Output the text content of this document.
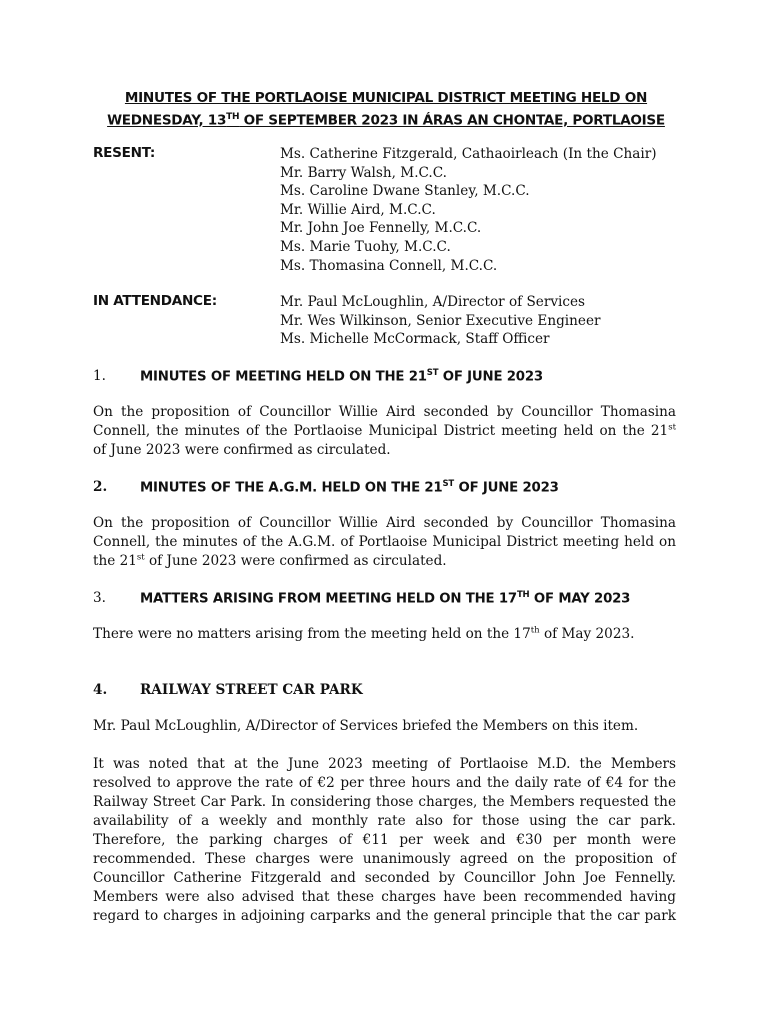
MINUTES OF THE PORTLAOISE MUNICIPAL DISTRICT MEETING HELD ON
WEDNESDAY, 13TH OF SEPTEMBER 2023 IN ÁRAS AN CHONTAE, PORTLAOISE
RESENT:	Ms. Catherine Fitzgerald, Cathaoirleach (In the Chair)
Mr. Barry Walsh, M.C.C.
Ms. Caroline Dwane Stanley, M.C.C.
Mr. Willie Aird, M.C.C.
Mr. John Joe Fennelly, M.C.C.
Ms. Marie Tuohy, M.C.C.
Ms. Thomasina Connell, M.C.C.
IN ATTENDANCE:	Mr. Paul McLoughlin, A/Director of Services
Mr. Wes Wilkinson, Senior Executive Engineer
Ms. Michelle McCormack, Staff Officer
1.	MINUTES OF MEETING HELD ON THE 21ST OF JUNE 2023
On the proposition of Councillor Willie Aird seconded by Councillor Thomasina
Connell, the minutes of the Portlaoise Municipal District meeting held on the 21st
of June 2023 were confirmed as circulated.
2. MINUTES OF THE A.G.M. HELD ON THE 21ST OF JUNE 2023
On the proposition of Councillor Willie Aird seconded by Councillor Thomasina
Connell, the minutes of the A.G.M. of Portlaoise Municipal District meeting held on
the 21st of June 2023 were confirmed as circulated.
3.	MATTERS ARISING FROM MEETING HELD ON THE 17TH OF MAY 2023
There were no matters arising from the meeting held on the 17th of May 2023.
4. RAILWAY STREET CAR PARK
Mr. Paul McLoughlin, A/Director of Services briefed the Members on this item.
It was noted that at the June 2023 meeting of Portlaoise M.D. the Members
resolved to approve the rate of €2 per three hours and the daily rate of €4 for the
Railway Street Car Park. In considering those charges, the Members requested the
availability of a weekly and monthly rate also for those using the car park.
Therefore, the parking charges of €11 per week and €30 per month were
recommended. These charges were unanimously agreed on the proposition of
Councillor Catherine Fitzgerald and seconded by Councillor John Joe Fennelly.
Members were also advised that these charges have been recommended having
regard to charges in adjoining carparks and the general principle that the car park
